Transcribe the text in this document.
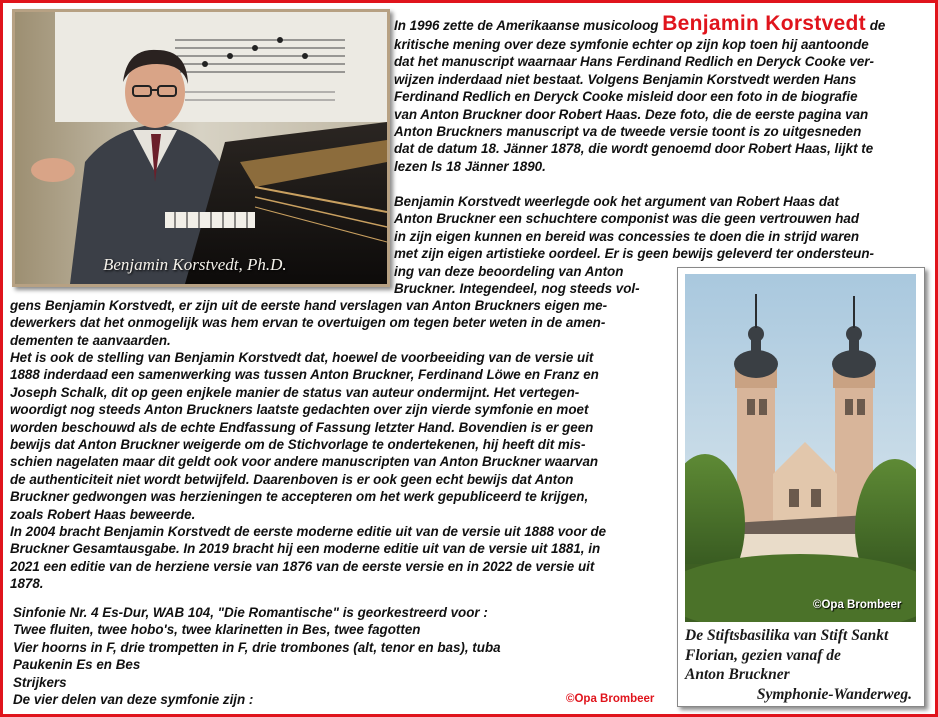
Benjamin Korstvedt, Ph.D.
In 1996 zette de Amerikaanse musicoloog Benjamin Korstvedt de
kritische mening over deze symfonie echter op zijn kop toen hij aantoonde
dat het manuscript waarnaar Hans Ferdinand Redlich en Deryck Cooke ver-
wijzen inderdaad niet bestaat. Volgens Benjamin Korstvedt werden Hans
Ferdinand Redlich en Deryck Cooke misleid door een foto in de biografie
van Anton Bruckner door Robert Haas. Deze foto, die de eerste pagina van
Anton Bruckners manuscript va de tweede versie toont is zo uitgesneden
dat de datum 18. Jänner 1878, die wordt genoemd door Robert Haas, lijkt te
lezen ls 18 Jänner 1890.
Benjamin Korstvedt weerlegde ook het argument van Robert Haas dat
Anton Bruckner een schuchtere componist was die geen vertrouwen had
in zijn eigen kunnen en bereid was concessies te doen die in strijd waren
met zijn eigen artistieke oordeel. Er is geen bewijs geleverd ter ondersteun-
ing van deze beoordeling van Anton
Bruckner. Integendeel, nog steeds vol-
gens Benjamin Korstvedt, er zijn uit de eerste hand verslagen van Anton Bruckners eigen me-
dewerkers dat het onmogelijk was hem ervan te overtuigen om tegen beter weten in de amen-
dementen te aanvaarden.
Het is ook de stelling van Benjamin Korstvedt dat, hoewel de voorbeeiding van de versie uit
1888 inderdaad een samenwerking was tussen Anton Bruckner, Ferdinand Löwe en Franz en
Joseph Schalk, dit op geen enjkele manier de status van auteur ondermijnt. Het vertegen-
woordigt nog steeds Anton Bruckners laatste gedachten over zijn vierde symfonie en moet
worden beschouwd als de echte Endfassung of Fassung letzter Hand. Bovendien is er geen
bewijs dat Anton Bruckner weigerde om de Stichvorlage te ondertekenen, hij heeft dit mis-
schien nagelaten maar dit geldt ook voor andere manuscripten van Anton Bruckner waarvan
de authenticiteit niet wordt betwijfeld. Daarenboven is er ook geen echt bewijs dat Anton
Bruckner gedwongen was herzieningen te accepteren om het werk gepubliceerd te krijgen,
zoals Robert Haas beweerde.
In 2004 bracht Benjamin Korstvedt de eerste moderne editie uit van de versie uit 1888 voor de
Bruckner Gesamtausgabe. In 2019 bracht hij een moderne editie uit van de versie uit 1881, in
2021 een editie van de herziene versie van 1876 van de eerste versie en in 2022 de versie uit
1878.
Sinfonie Nr. 4 Es-Dur, WAB 104, "Die Romantische" is georkestreerd voor :
Twee fluiten, twee hobo's, twee klarinetten in Bes, twee fagotten
Vier hoorns in F, drie trompetten in F, drie trombones (alt, tenor en bas), tuba
Paukenin Es en Bes
Strijkers
De vier delen van deze symfonie zijn :	©Opa Brombeer
©Opa Brombeer
De Stiftsbasilika van Stift Sankt
Florian, gezien vanaf de
Anton Bruckner
Symphonie-Wanderweg.
